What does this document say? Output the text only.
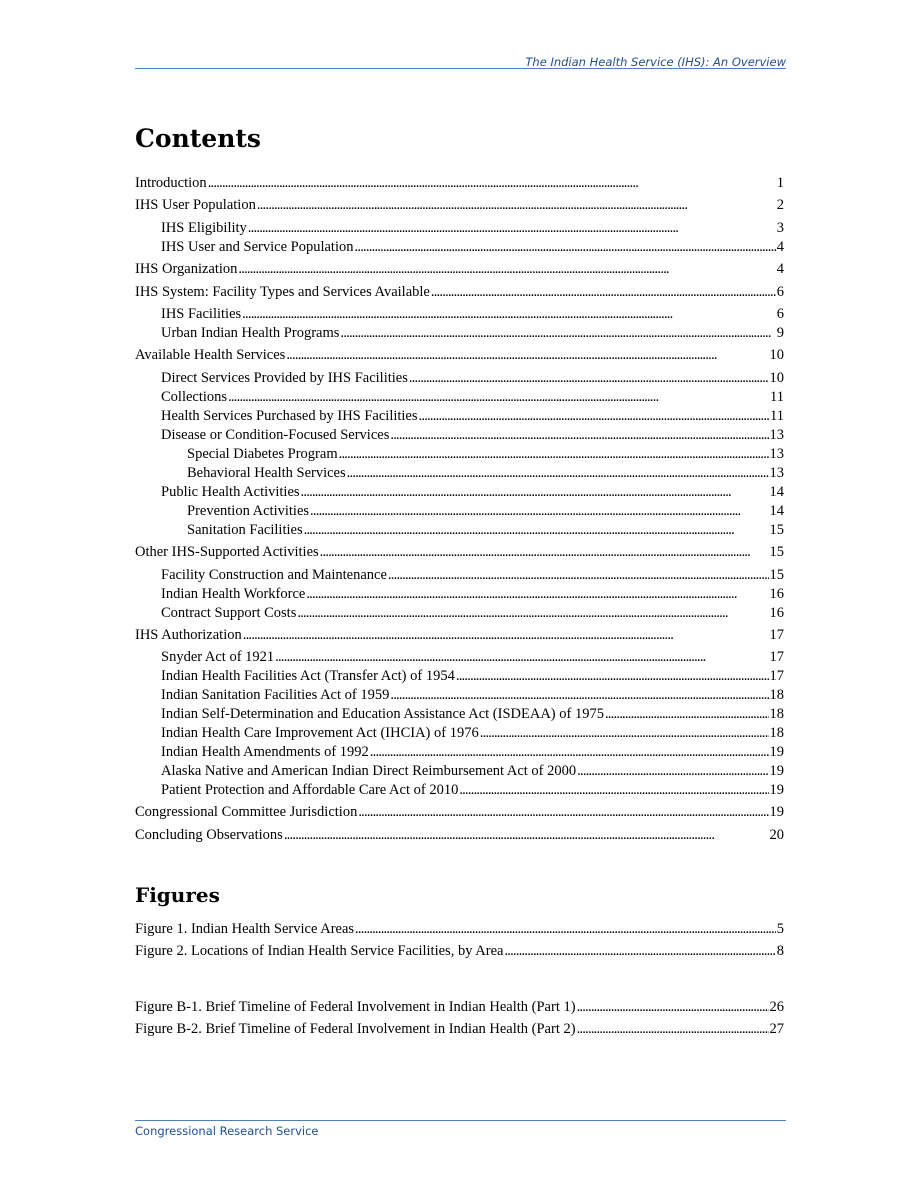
The Indian Health Service (IHS): An Overview
Contents
Introduction . . .	1
IHS User Population . . .	2
IHS Eligibility . . .	3
IHS User and Service Population . . .	4
IHS Organization . . .	4
IHS System: Facility Types and Services Available . . .	6
IHS Facilities . . .	6
Urban Indian Health Programs . . .	9
Available Health Services . . .	10
Direct Services Provided by IHS Facilities . . .	10
Collections . . .	11
Health Services Purchased by IHS Facilities . . .	11
Disease or Condition-Focused Services . . .	13
Special Diabetes Program . . .	13
Behavioral Health Services . . .	13
Public Health Activities . . .	14
Prevention Activities . . .	14
Sanitation Facilities . . .	15
Other IHS-Supported Activities . . .	15
Facility Construction and Maintenance . . .	15
Indian Health Workforce . . .	16
Contract Support Costs . . .	16
IHS Authorization . . .	17
Snyder Act of 1921 . . .	17
Indian Health Facilities Act (Transfer Act) of 1954 . . .	17
Indian Sanitation Facilities Act of 1959 . . .	18
Indian Self-Determination and Education Assistance Act (ISDEAA) of 1975 . . .	18
Indian Health Care Improvement Act (IHCIA) of 1976 . . .	18
Indian Health Amendments of 1992 . . .	19
Alaska Native and American Indian Direct Reimbursement Act of 2000 . . .	19
Patient Protection and Affordable Care Act of 2010 . . .	19
Congressional Committee Jurisdiction . . .	19
Concluding Observations . . .	20
Figures
Figure 1. Indian Health Service Areas . . .	5
Figure 2. Locations of Indian Health Service Facilities, by Area . . .	8
Figure B-1. Brief Timeline of Federal Involvement in Indian Health (Part 1) . . .	26
Figure B-2. Brief Timeline of Federal Involvement in Indian Health (Part 2) . . .	27
Congressional Research Service
